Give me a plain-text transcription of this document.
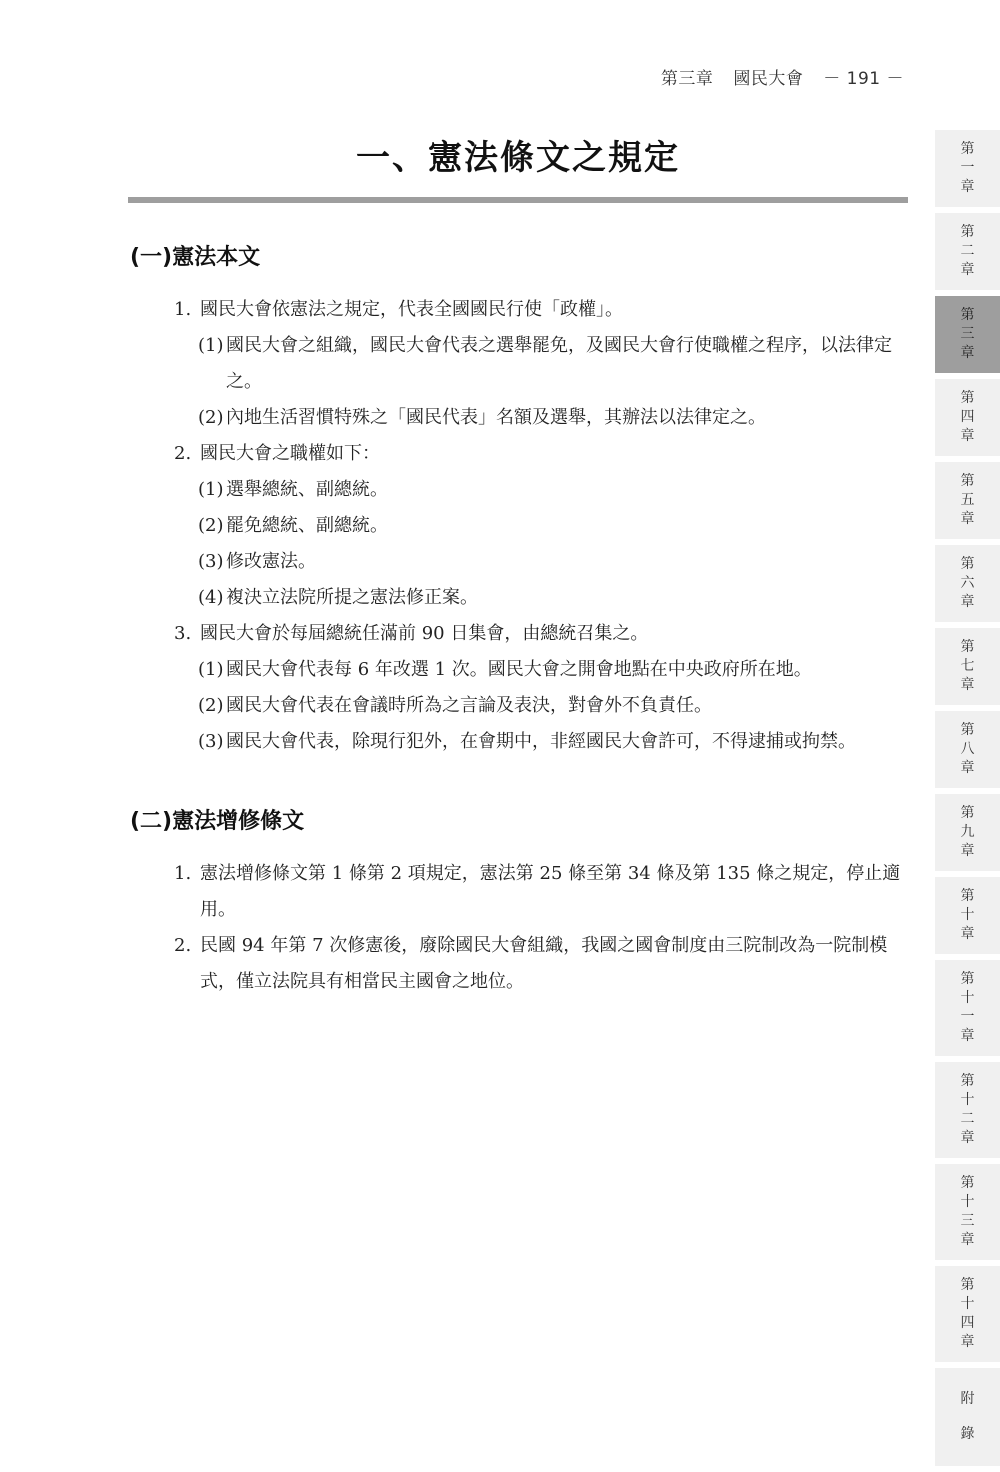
第三章 國民大會 － 191 －
一、憲法條文之規定
(一)憲法本文
1. 國民大會依憲法之規定，代表全國國民行使「政權」。
(1) 國民大會之組織，國民大會代表之選舉罷免，及國民大會行使職權之程序，以法律定之。
(2) 內地生活習慣特殊之「國民代表」名額及選舉，其辦法以法律定之。
2. 國民大會之職權如下：
(1) 選舉總統、副總統。
(2) 罷免總統、副總統。
(3) 修改憲法。
(4) 複決立法院所提之憲法修正案。
3. 國民大會於每屆總統任滿前 90 日集會，由總統召集之。
(1) 國民大會代表每 6 年改選 1 次。國民大會之開會地點在中央政府所在地。
(2) 國民大會代表在會議時所為之言論及表決，對會外不負責任。
(3) 國民大會代表，除現行犯外，在會期中，非經國民大會許可，不得逮捕或拘禁。
(二)憲法增修條文
1. 憲法增修條文第 1 條第 2 項規定，憲法第 25 條至第 34 條及第 135 條之規定，停止適用。
2. 民國 94 年第 7 次修憲後，廢除國民大會組織，我國之國會制度由三院制改為一院制模式，僅立法院具有相當民主國會之地位。
第
一
章
第
二
章
第
三
章
第
四
章
第
五
章
第
六
章
第
七
章
第
八
章
第
九
章
第
十
章
第
十
一
章
第
十
二
章
第
十
三
章
第
十
四
章
附
錄
